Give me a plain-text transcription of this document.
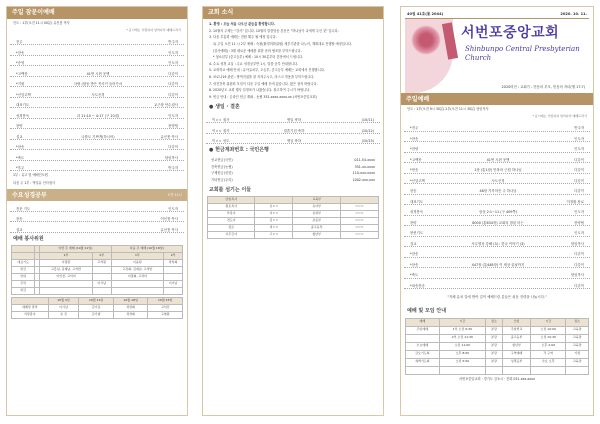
주일 잠문이예배
인도 : 1부(오전 11시 00분) 유신봉 목사
* 표시에는 기립하여 일어나서 예배드리기
전주	반주자
*찬송	인도자
*송영	인도자
*고백찬	41번 시편 웃맨	다같이
*기원	사랑 (합동 받은 목사가 들어가서	다같이
*신앙고백	사도신경	다같이
대표기도	교구장 안수집사
성경봉독	과 11:10 ~ 4:17 (구 10절)	인도자
찬양	찬양팀
설교	나를도 기쁘게(하시어)	유신봉 목사
*찬송	다같이
*축도	담임목사
*후주	반주자
1부 : 유고 및 예배인도원
다음 주 1부 : 박설유 인사집사
수요성경공부	오전 11시
전문 기도	인도자
찬송	이신봉 목사
설교	유신봉 목사
예배 봉사위원
		이번 주 예배 (10월 11일)		다음 주 예배 (10월 18일)	
		1부	2부	1부	2부
대표기도		이정환	고석원	이윤란	곽상희
헌금		고흥님, 김재남, 고석반		고진희, 김재남, 고석반	
안내		이인선, 고석미		이정희, 고석미	
주차			이기남		이기남
헌금					
	10월 4일	10월 11일	10월 18일	10월 25일
예배당 관리	이기남	김기문	곽상희	고석진
식당봉사	유 진	김기범	곽상희	고영원
교회 소식
1. 환영 : 오늘 처음 나오신 분들을 환영합니다.
2. 10월의 주제는 "감사" 입니다. 10월의 말씀암송 본문은 "하나님이 나에게 주신 것" 입니다.
3. 다음 부흥회 예배는 전원 해주 될 예정 입니다.
1) 주일 오전 11 시 2부 예배 : 숙원(환경미화위원) 세부기관을 나누어, 계획대로 진행할 예정입니다.
(감사예배) : 3월 새로운 예배를 위한 준비 협조를 부탁드립니다.
* 청소년부 (중고등부) 예배 : 10시 30분부터 본당에서 드립니다.
4. 수요 성경 교실 : 수요 성경공부반 1시, 말씀 공부 안내합니다.
5. 교회학교 예배 안내 : 유아유치부, 초등부, 중고등부 예배는 교회에서 진행합니다.
6. 코로나19 관련 : 방역지침을 잘 지켜주시고, 마스크 착용을 부탁드립니다.
7. 성전건축 위원회 모임이 다음 주일 예배 후에 있습니다. 많은 참석 바랍니다.
8. 2020년도 교회 행사 일정표가 나왔습니다. 참고하여 주시기 바랍니다.
9. 헌금 안내 : 온라인 헌금 계좌 - 농협 351-xxxx-xxxx-xx (서번포중앙교회)
● 생일 · 결혼
이ㅇㅇ 집사	생일 축하	(10/11)
이ㅇㅇ 집사	결혼기념 축하	(10/12)
이ㅇㅇ 성도	생일 축하	(10/15)
● 헌금계좌번호 : 국민은행
선교헌금(국민)	011-54-xxxx
건축헌금(농협)	351-xx-xxxx
구제헌금(신한)	110-xxx-xxxx
기타헌금(우리)	1002-xxx-xxx
교회를 섬기는 이들
담임목사		교육부	
원로목사	유ㅇㅇ	유아부	ㅇㅇㅇ
부목사	이ㅇㅇ	유치부	ㅇㅇㅇ
전도사	김ㅇㅇ	초등부	ㅇㅇㅇ
장로	곽ㅇㅇ	중고등부	ㅇㅇㅇ
사무간사	고ㅇㅇ	청년부	ㅇㅇㅇ
40권 41호(통 2044)	2020. 10. 11.
서번포중앙교회
Shinbunpo Central Presbyterian Church
2020비전 : 교회가 - 믿음의 부모, 믿음의 자녀(행 17:7)
주일예배
인도 : 1부(오전 9시 30분) 2부(오전 11시 30분) 담임목사
* 표시에는 기립하여 일어나서 예배드리기
*전주	반주자
*찬송	인도자
*찬양	인도자
*고백찬	41번 시편 웃맨	다같이
*헌송	1장 (통1장) 만복의 근원 하나님	다같이
*신앙고백	사도신경	다같이
찬송	48장 거룩하신 주 하나님	다같이
대표기도	이정환 장로
성경봉독	삼상 2:1~11 (구 409쪽)	인도자
찬양	8000 (통634장) 교회의 참된 터는	찬양팀
봉헌기도	인도자
설교	사무엘상 강해 (3) : 한나 이야기 (3)	담임목사
*찬송	다같이
*찬송	447장 (통448장) 이 세상 끝날까지	다같이
*축도	담임목사
*파송찬송	다같이
"지혜 유치 길에 받아 길이 예배드린 분들은 쉬운 진력을 나눕시다."
예배 및 모임 안내
예배	시간	장소	모임	시간	장소
주일예배	1부 오전 9:30	본당	주일학교	오전 10:00	교육관
	2부 오전 11:30	본당	중고등부	오전 10:30	교육관
수요예배	오전 11:00	본당	청년부	오후 2:00	교육관
금요기도회	오후 8:00	본당	구역예배	각 구역	가정
새벽기도회	오전 5:00	본당	성경공부	수요 오후	교육관

서번포중앙교회 · 경기도 김포시 · 전화 031-xxx-xxxx
